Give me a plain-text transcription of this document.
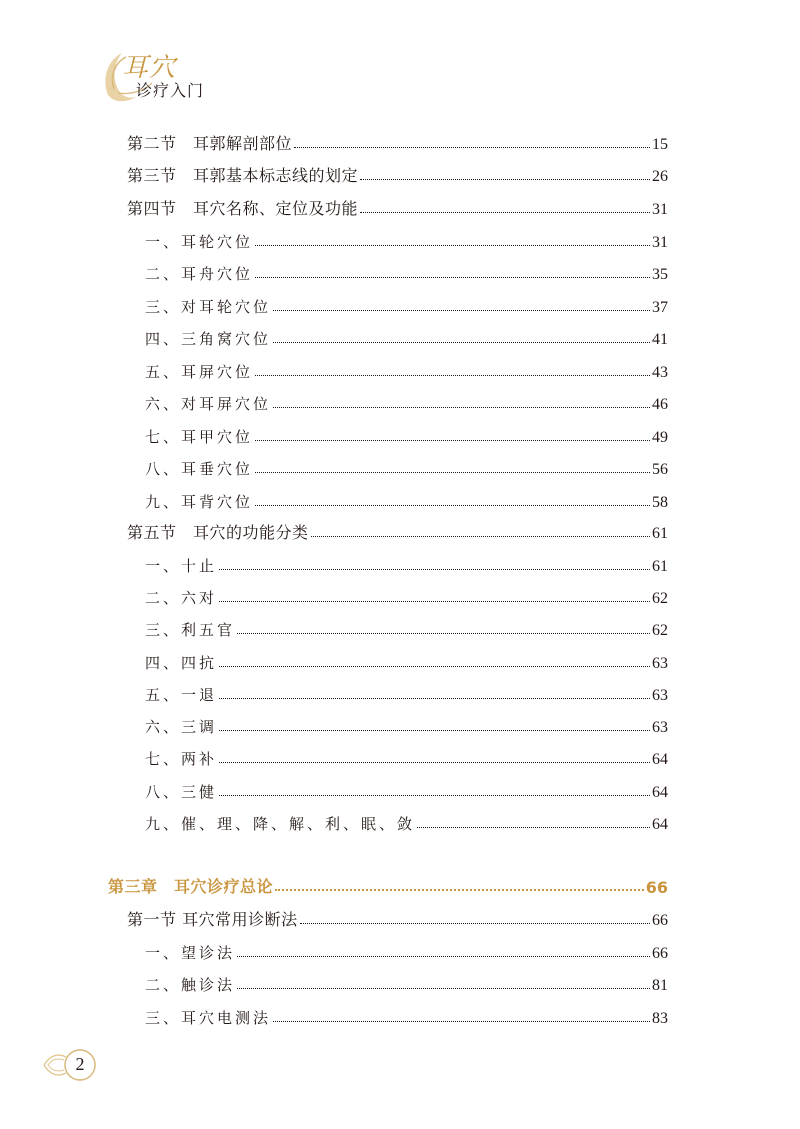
耳穴
诊疗入门
第二节　耳郭解剖部位	15
第三节　耳郭基本标志线的划定	26
第四节　耳穴名称、定位及功能	31
一、耳轮穴位	31
二、耳舟穴位	35
三、对耳轮穴位	37
四、三角窝穴位	41
五、耳屏穴位	43
六、对耳屏穴位	46
七、耳甲穴位	49
八、耳垂穴位	56
九、耳背穴位	58
第五节　耳穴的功能分类	61
一、十止	61
二、六对	62
三、利五官	62
四、四抗	63
五、一退	63
六、三调	63
七、两补	64
八、三健	64
九、催、理、降、解、利、眠、敛	64
第三章　耳穴诊疗总论	66
第一节 耳穴常用诊断法	66
一、望诊法	66
二、触诊法	81
三、耳穴电测法	83
2
